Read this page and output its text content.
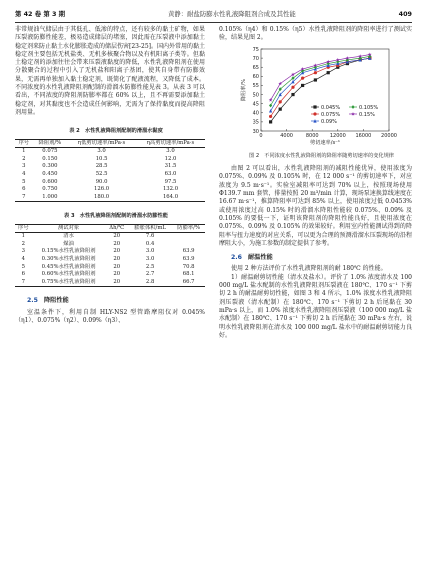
第 42 卷 第 3 期	黄静：耐盐防膨水性乳液降阻剂合成及其性能	409

非常规油气储层由于其低孔、低渗的特点，还有较多的黏土矿物，如果压裂液防膨性能差，极易造成储层的堵塞，因此需在压裂液中添加黏土稳定剂来防止黏土水化膨胀造成的储层伤害[23-25]。国内外常用的黏土稳定剂主要包括无机盐类、无机多核聚合物以及有机阳离子类等。但黏土稳定剂的添加往往会带来压裂液黏度的降低，水性乳液降阻剂在使用分散聚合的过程中引入了无机盐和阳离子基团，使其自身带有防膨效果，无需再单独加入黏土稳定剂，既简化了配液流程，又降低了成本。不同浓度的水性乳液降阻剂配制的滑溜水防膨性能见表 3。从表 3 可以看出，不同浓度的降阻剂防膨率都在 60% 以上，且不再需要添加黏土稳定剂，对其黏度也不会造成任何影响，无需为了保持黏度而提高降阻剂用量。

表 2　水性乳液降阻剂配制的滑溜水黏度

序号	降阻剂/%	η低剪切速率/mPa·s	η高剪切速率/mPa·s
1	0.075	3.0	3.0
2	0.150	10.5	12.0
3	0.300	28.5	31.5
4	0.450	52.5	63.0
5	0.600	90.0	97.5
6	0.750	126.0	132.0
7	1.000	180.0	164.0

表 3　水性乳液降阻剂配制的滑溜水防膨性能

序号	测试对象	Δh/℃	膨胀体积/mL	防膨率/%
1	清水	20	7.6	
2	煤油	20	0.4	
3	0.15%水性乳液降阻剂	20	3.0	63.9
4	0.30%水性乳液降阻剂	20	3.0	63.9
5	0.45%水性乳液降阻剂	20	2.5	70.8
6	0.60%水性乳液降阻剂	20	2.7	68.1
7	0.75%水性乳液降阻剂	20	2.8	66.7

2.5 降阻性能

室温条件下，利用自制 HLY-NS2 型管路摩阻仪对 0.045%（η1）、0.075%（η2）、0.09%（η3）、

0.105%（η4）和 0.15%（η5）水性乳液降阻剂的降阻率进行了测试实验，结果见图 2。

30
35
40
45
50
55
60
65
70
75
0	4000	8000 12000 16000 20000
剪切速率/s⁻¹
降阻率/%
0.045%
0.075%
0.09%
0.105%
0.15%

图 2　不同浓度水性乳液降阻剂的降阻率随剪切速率的变化规律

由图 2 可以看出，水性乳液降阻剂的减阻性能优异，使用浓度为 0.075%、0.09% 及 0.105% 时，在 12 000 s⁻¹ 的剪切速率下，对应浓度为 9.5 m·s⁻¹。实验室减阻率可达到 70% 以上，按照现场使用 Φ139.7 mm 套管，排量按照 20 m³/min 计算，现场泵速换算线速度在 16.67 m·s⁻¹，推算降阻率可达到 85% 以上，使用浓度过低 0.0453% 或使用浓度过高 0.15% 时的滑溜水降阻性能较 0.075%、0.09% 及 0.105% 的要低一下，证明该降阻剂的降阻性能良好，且使用浓度在 0.075%、0.09% 及 0.105% 的效果较好。利用室内性能测试得到的降阻率与扭力速度的对应关系，可以更为合理的预测滑溜水压裂现场的沿程摩阻大小，为施工参数的制定提供了参考。

2.6 耐温性能

使用 2 种方法评价了水性乳液降阻剂的耐 180℃ 的性能。

1）耐温耐剪切性能（清水及盐水）。评价了 1.0% 浓度清水及 100 000 mg/L 盐水配制的水性乳液降阻剂压裂液在 180℃、170 s⁻¹ 下剪切 2 h 的耐温耐剪切性能，如图 3 和 4 所示，1.0% 浓度水性乳液降阻剂压裂液（清水配制）在 180℃、170 s⁻¹ 下剪切 2 h 后尾黏在 30 mPa·s 以上，而 1.0% 浓度水性乳液降阻剂压裂液（100 000 mg/L 盐水配制）在 180℃、170 s⁻¹ 下剪切 2 h 后尾黏在 30 mPa·s 左右，说明水性乳液降阻剂在清水及 100 000 mg/L 盐水中的耐温耐剪切能力良好。
